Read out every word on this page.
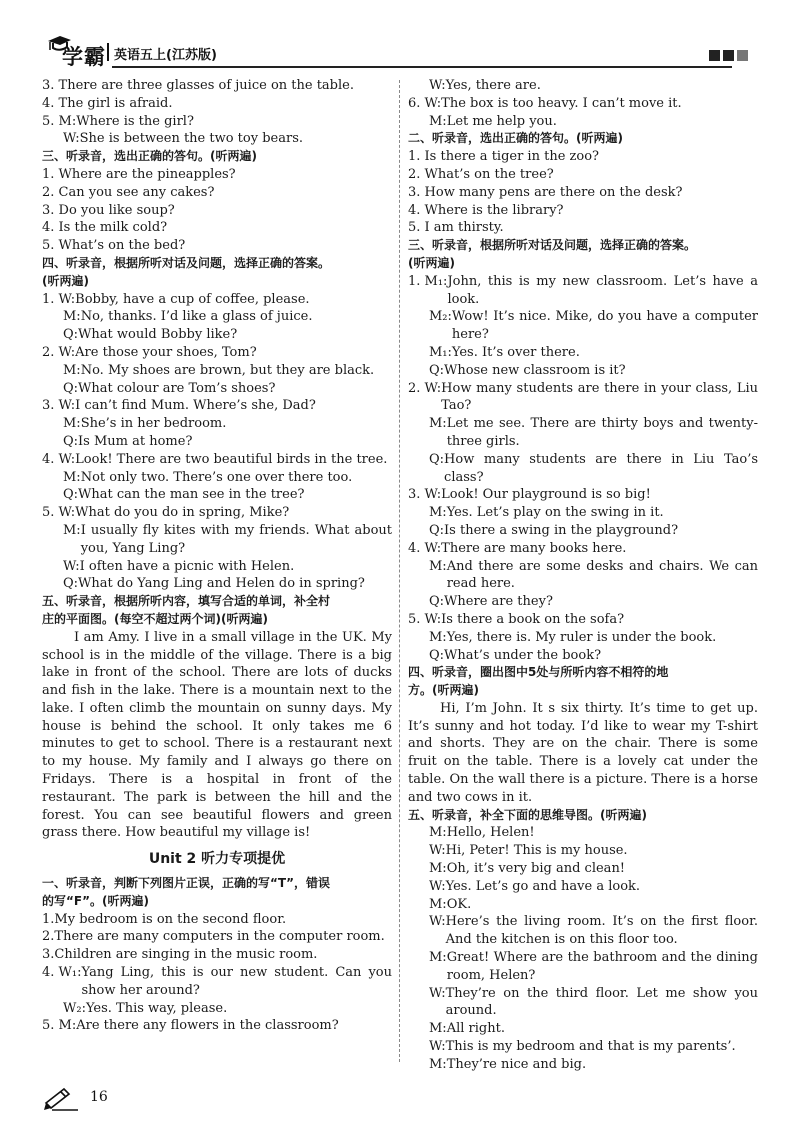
学霸 英语五上(江苏版)
3. There are three glasses of juice on the table.
4. The girl is afraid.
5. M: Where is the girl?
W: She is between the two toy bears.
三、听录音，选出正确的答句。(听两遍)
1. Where are the pineapples?
2. Can you see any cakes?
3. Do you like soup?
4. Is the milk cold?
5. What’s on the bed?
四、听录音，根据所听对话及问题，选择正确的答案。
(听两遍)
1. W: Bobby, have a cup of coffee, please.
M: No, thanks. I’d like a glass of juice.
Q: What would Bobby like?
2. W: Are those your shoes, Tom?
M: No. My shoes are brown, but they are black.
Q: What colour are Tom’s shoes?
3. W: I can’t find Mum. Where’s she, Dad?
M: She’s in her bedroom.
Q: Is Mum at home?
4. W: Look! There are two beautiful birds in the tree.
M: Not only two. There’s one over there too.
Q: What can the man see in the tree?
5. W: What do you do in spring, Mike?
M: I usually fly kites with my friends. What about you, Yang Ling?
W: I often have a picnic with Helen.
Q: What do Yang Ling and Helen do in spring?
五、听录音，根据所听内容，填写合适的单词，补全村
庄的平面图。(每空不超过两个词)(听两遍)
I am Amy. I live in a small village in the UK. My school is in the middle of the village. There is a big lake in front of the school. There are lots of ducks and fish in the lake. There is a mountain next to the lake. I often climb the mountain on sunny days. My house is behind the school. It only takes me 6 minutes to get to school. There is a restaurant next to my house. My family and I always go there on Fridays. There is a hospital in front of the restaurant. The park is between the hill and the forest. You can see beautiful flowers and green grass there. How beautiful my village is!
Unit 2 听力专项提优
一、听录音，判断下列图片正误，正确的写“T”，错误
的写“F”。(听两遍)
1. My bedroom is on the second floor.
2. There are many computers in the computer room.
3. Children are singing in the music room.
4. W₁: Yang Ling, this is our new student. Can you show her around?
W₂: Yes. This way, please.
5. M: Are there any flowers in the classroom?
W: Yes, there are.
6. W: The box is too heavy. I can’t move it.
M: Let me help you.
二、听录音，选出正确的答句。(听两遍)
1. Is there a tiger in the zoo?
2. What’s on the tree?
3. How many pens are there on the desk?
4. Where is the library?
5. I am thirsty.
三、听录音，根据所听对话及问题，选择正确的答案。
(听两遍)
1. M₁: John, this is my new classroom. Let’s have a look.
M₂: Wow! It’s nice. Mike, do you have a computer here?
M₁: Yes. It’s over there.
Q: Whose new classroom is it?
2. W: How many students are there in your class, Liu Tao?
M: Let me see. There are thirty boys and twenty-three girls.
Q: How many students are there in Liu Tao’s class?
3. W: Look! Our playground is so big!
M: Yes. Let’s play on the swing in it.
Q: Is there a swing in the playground?
4. W: There are many books here.
M: And there are some desks and chairs. We can read here.
Q: Where are they?
5. W: Is there a book on the sofa?
M: Yes, there is. My ruler is under the book.
Q: What’s under the book?
四、听录音，圈出图中5处与所听内容不相符的地
方。(听两遍)
Hi, I’m John. It s six thirty. It’s time to get up. It’s sunny and hot today. I’d like to wear my T-shirt and shorts. They are on the chair. There is some fruit on the table. There is a lovely cat under the table. On the wall there is a picture. There is a horse and two cows in it.
五、听录音，补全下面的思维导图。(听两遍)
M: Hello, Helen!
W: Hi, Peter! This is my house.
M: Oh, it’s very big and clean!
W: Yes. Let’s go and have a look.
M: OK.
W: Here’s the living room. It’s on the first floor. And the kitchen is on this floor too.
M: Great! Where are the bathroom and the dining room, Helen?
W: They’re on the third floor. Let me show you around.
M: All right.
W: This is my bedroom and that is my parents’.
M: They’re nice and big.
16
